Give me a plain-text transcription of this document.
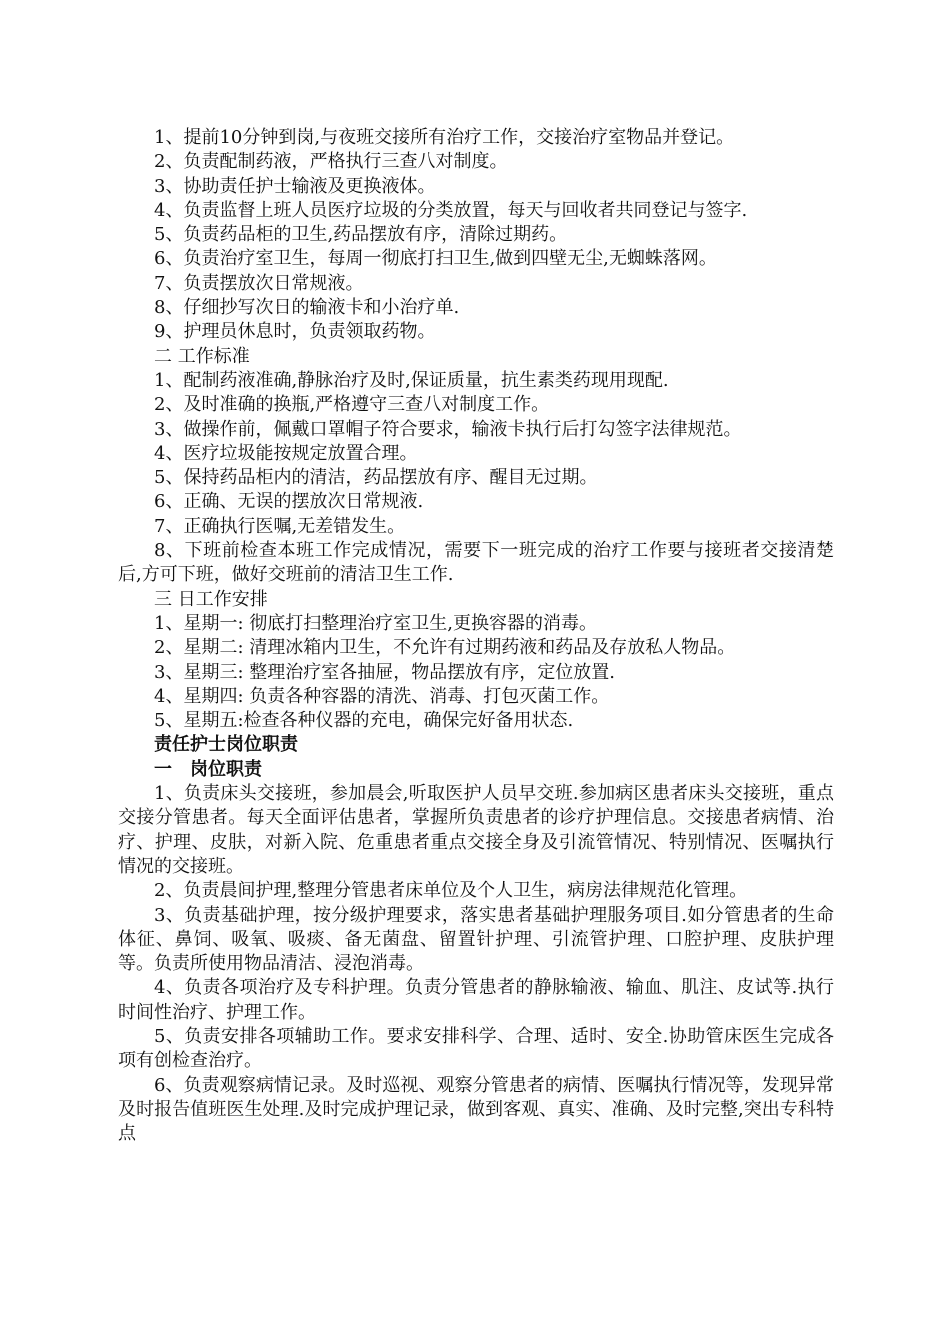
1、提前10分钟到岗,与夜班交接所有治疗工作，交接治疗室物品并登记。

2、负责配制药液，严格执行三查八对制度。

3、协助责任护士输液及更换液体。

4、负责监督上班人员医疗垃圾的分类放置，每天与回收者共同登记与签字.

5、负责药品柜的卫生,药品摆放有序，清除过期药。

6、负责治疗室卫生，每周一彻底打扫卫生,做到四壁无尘,无蜘蛛落网。

7、负责摆放次日常规液。

8、仔细抄写次日的输液卡和小治疗单.

9、护理员休息时，负责领取药物。

二 工作标准

1、配制药液准确,静脉治疗及时,保证质量，抗生素类药现用现配.

2、及时准确的换瓶,严格遵守三查八对制度工作。

3、做操作前，佩戴口罩帽子符合要求，输液卡执行后打勾签字法律规范。

4、医疗垃圾能按规定放置合理。

5、保持药品柜内的清洁，药品摆放有序、醒目无过期。

6、正确、无误的摆放次日常规液.

7、正确执行医嘱,无差错发生。

8、下班前检查本班工作完成情况，需要下一班完成的治疗工作要与接班者交接清楚后,方可下班，做好交班前的清洁卫生工作.

三 日工作安排

1、星期一: 彻底打扫整理治疗室卫生,更换容器的消毒。

2、星期二: 清理冰箱内卫生，不允许有过期药液和药品及存放私人物品。

3、星期三: 整理治疗室各抽屉，物品摆放有序，定位放置.

4、星期四: 负责各种容器的清洗、消毒、打包灭菌工作。

5、星期五:检查各种仪器的充电，确保完好备用状态.

责任护士岗位职责

一　岗位职责

1、负责床头交接班，参加晨会,听取医护人员早交班.参加病区患者床头交接班，重点交接分管患者。每天全面评估患者，掌握所负责患者的诊疗护理信息。交接患者病情、治疗、护理、皮肤，对新入院、危重患者重点交接全身及引流管情况、特别情况、医嘱执行情况的交接班。

2、负责晨间护理,整理分管患者床单位及个人卫生，病房法律规范化管理。

3、负责基础护理，按分级护理要求，落实患者基础护理服务项目.如分管患者的生命体征、鼻饲、吸氧、吸痰、备无菌盘、留置针护理、引流管护理、口腔护理、皮肤护理等。负责所使用物品清洁、浸泡消毒。

4、负责各项治疗及专科护理。负责分管患者的静脉输液、输血、肌注、皮试等.执行时间性治疗、护理工作。

5、负责安排各项辅助工作。要求安排科学、合理、适时、安全.协助管床医生完成各项有创检查治疗。

6、负责观察病情记录。及时巡视、观察分管患者的病情、医嘱执行情况等，发现异常及时报告值班医生处理.及时完成护理记录，做到客观、真实、准确、及时完整,突出专科特点
